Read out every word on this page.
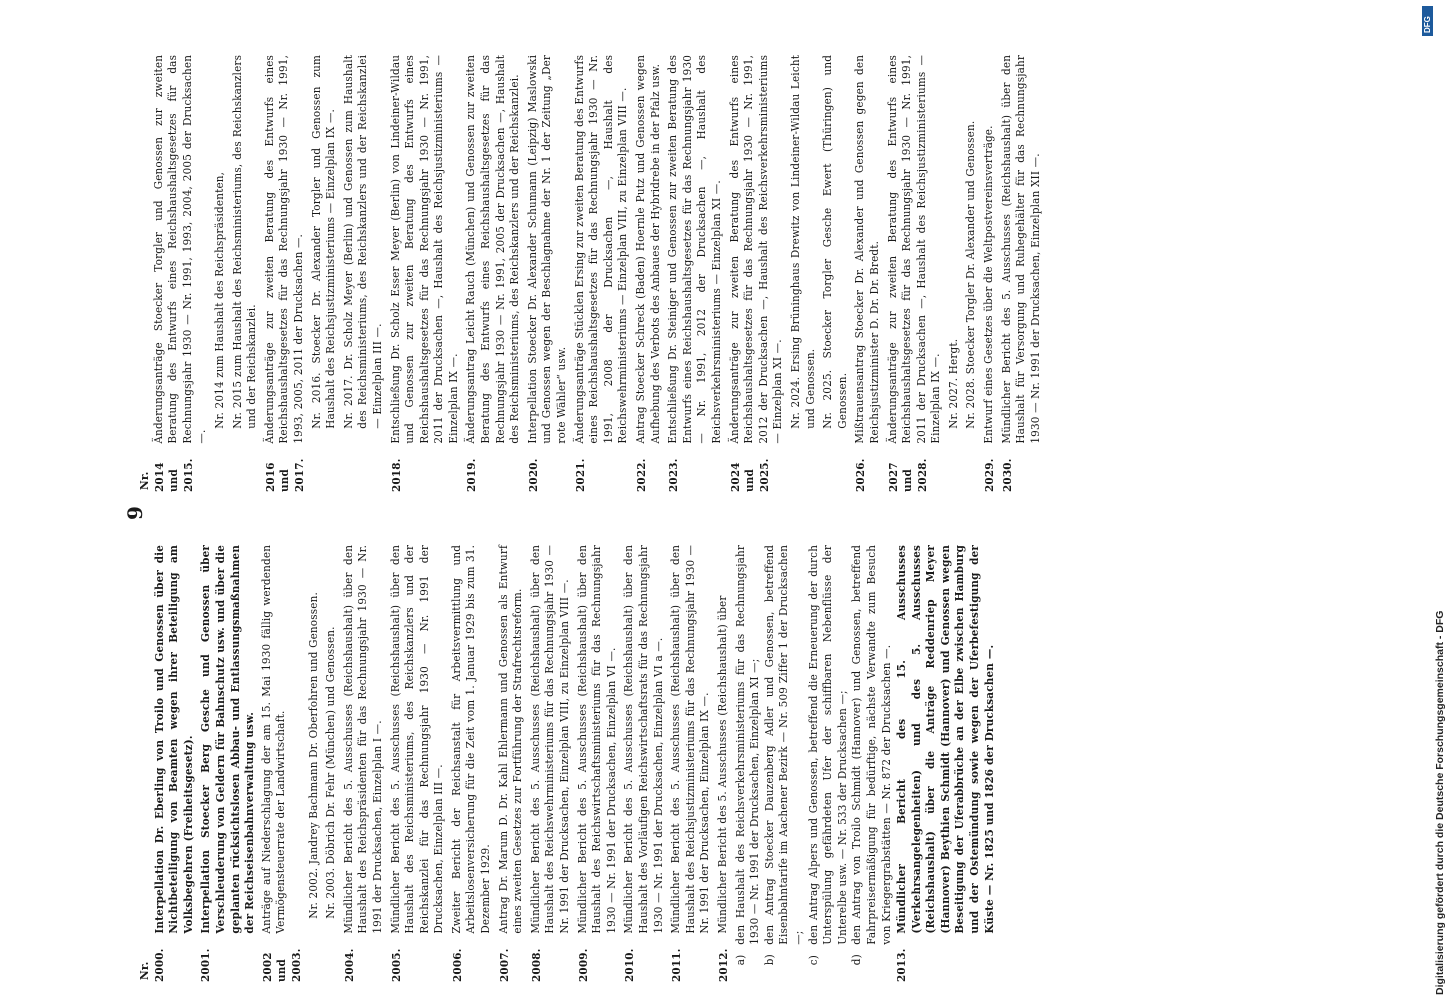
9
Nr. 2000.
Interpellation Dr. Eberling von Troilo und Genossen über die Nichtbeteiligung von Beamten wegen ihrer Beteiligung am Volksbegehren (Freiheitsgesetz).
2001.
Interpellation Stoecker Berg Gesche und Genossen über Verschleuderung von Geldern für Bahnschutz usw. und über die geplanten rücksichtslosen Abbau- und Entlassungsmaßnahmen der Reichseisenbahnverwaltung usw.
2002 und 2003.
Anträge auf Niederschlagung der am 15. Mai 1930 fällig werdenden Vermögensteuerrate der Landwirtschaft.	Nr. 2002. Jandrey Bachmann Dr. Oberfohren und Genossen. Nr. 2003. Döbrich Dr. Fehr (München) und Genossen.
2004.
Mündlicher Bericht des 5. Ausschusses (Reichshaushalt) über den Haushalt des Reichspräsidenten für das Rechnungsjahr 1930 — Nr. 1991 der Drucksachen, Einzelplan I —.
2005.
Mündlicher Bericht des 5. Ausschusses (Reichshaushalt) über den Haushalt des Reichsministeriums, des Reichskanzlers und der Reichskanzlei für das Rechnungsjahr 1930 — Nr. 1991 der Drucksachen, Einzelplan III —.
2006.
Zweiter Bericht der Reichsanstalt für Arbeitsvermittlung und Arbeitslosenversicherung für die Zeit vom 1. Januar 1929 bis zum 31. Dezember 1929.
2007.
Antrag Dr. Marum D. Dr. Kahl Ehlermann und Genossen als Entwurf eines zweiten Gesetzes zur Fortführung der Strafrechtsreform.
2008.
Mündlicher Bericht des 5. Ausschusses (Reichshaushalt) über den Haushalt des Reichswehrministeriums für das Rechnungsjahr 1930 — Nr. 1991 der Drucksachen, Einzelplan VIII, zu Einzelplan VIII —.
2009.
Mündlicher Bericht des 5. Ausschusses (Reichshaushalt) über den Haushalt des Reichswirtschaftsministeriums für das Rechnungsjahr 1930 — Nr. 1991 der Drucksachen, Einzelplan VI —.
2010.
Mündlicher Bericht des 5. Ausschusses (Reichshaushalt) über den Haushalt des Vorläufigen Reichswirtschaftsrats für das Rechnungsjahr 1930 — Nr. 1991 der Drucksachen, Einzelplan VI a —.
2011.
Mündlicher Bericht des 5. Ausschusses (Reichshaushalt) über den Haushalt des Reichsjustizministeriums für das Rechnungsjahr 1930 — Nr. 1991 der Drucksachen, Einzelplan IX —.
2012.
Mündlicher Bericht des 5. Ausschusses (Reichshaushalt) über
a)
den Haushalt des Reichsverkehrsministeriums für das Rechnungsjahr 1930 — Nr. 1991 der Drucksachen, Einzelplan XI —;
b)
den Antrag Stoecker Dauzenberg Adler und Genossen, betreffend Eisenbahntarife im Aachener Bezirk — Nr. 509 Ziffer 1 der Drucksachen —;
c)
den Antrag Alpers und Genossen, betreffend die Erneuerung der durch Unterspülung gefährdeten Ufer der schiffbaren Nebenflüsse der Unterelbe usw. — Nr. 533 der Drucksachen —;
d)
den Antrag von Troilo Schmidt (Hannover) und Genossen, betreffend Fahrpreisermäßigung für bedürftige, nächste Verwandte zum Besuch von Kriegergrabstätten — Nr. 872 der Drucksachen —.
2013.
Mündlicher Bericht des 15. Ausschusses (Verkehrsangelegenheiten) und des 5. Ausschusses (Reichshaushalt) über die Anträge Reddenriep Meyer (Hannover) Beythien Schmidt (Hannover) und Genossen wegen Beseitigung der Uferabbrüche an der Elbe zwischen Hamburg und der Ostemündung sowie wegen der Uferbefestigung der Küste — Nr. 1825 und 1826 der Drucksachen —.
Nr. 2014 und 2015.
Änderungsanträge Stoecker Torgler und Genossen zur zweiten Beratung des Entwurfs eines Reichshaushaltsgesetzes für das Rechnungsjahr 1930 — Nr. 1991, 1993, 2004, 2005 der Drucksachen —.
Nr. 2014 zum Haushalt des Reichspräsidenten, Nr. 2015 zum Haushalt des Reichsministeriums, des Reichskanzlers und der Reichskanzlei.
2016 und 2017.
Änderungsanträge zur zweiten Beratung des Entwurfs eines Reichshaushaltsgesetzes für das Rechnungsjahr 1930 — Nr. 1991, 1993, 2005, 2011 der Drucksachen —. Nr. 2016. Stoecker Dr. Alexander Torgler und Genossen zum Haushalt des Reichsjustizministeriums — Einzelplan IX —. Nr. 2017. Dr. Scholz Meyer (Berlin) und Genossen zum Haushalt des Reichsministeriums, des Reichskanzlers und der Reichskanzlei — Einzelplan III —.
2018.
Entschließung Dr. Scholz Esser Meyer (Berlin) von Lindeiner-Wildau und Genossen zur zweiten Beratung des Entwurfs eines Reichshaushaltsgesetzes für das Rechnungsjahr 1930 — Nr. 1991, 2011 der Drucksachen —, Haushalt des Reichsjustizministeriums — Einzelplan IX —.
2019.
Änderungsantrag Leicht Rauch (München) und Genossen zur zweiten Beratung des Entwurfs eines Reichshaushaltsgesetzes für das Rechnungsjahr 1930 — Nr. 1991, 2005 der Drucksachen —, Haushalt des Reichsministeriums, des Reichskanzlers und der Reichskanzlei.
2020.
Interpellation Stoecker Dr. Alexander Schumann (Leipzig) Maslowski und Genossen wegen der Beschlagnahme der Nr. 1 der Zeitung „Der rote Wähler“ usw.
2021.
Änderungsanträge Stücklen Ersing zur zweiten Beratung des Entwurfs eines Reichshaushaltsgesetzes für das Rechnungsjahr 1930 — Nr. 1991, 2008 der Drucksachen —, Haushalt des Reichswehrministeriums — Einzelplan VIII, zu Einzelplan VIII —.
2022.
Antrag Stoecker Schreck (Baden) Hoernle Putz und Genossen wegen Aufhebung des Verbots des Anbaues der Hybridrebe in der Pfalz usw.
2023.
Entschließung Dr. Steiniger und Genossen zur zweiten Beratung des Entwurfs eines Reichshaushaltsgesetzes für das Rechnungsjahr 1930 — Nr. 1991, 2012 der Drucksachen —, Haushalt des Reichsverkehrsministeriums — Einzelplan XI —.
2024 und 2025.
Änderungsanträge zur zweiten Beratung des Entwurfs eines Reichshaushaltsgesetzes für das Rechnungsjahr 1930 — Nr. 1991, 2012 der Drucksachen —, Haushalt des Reichsverkehrsministeriums — Einzelplan XI —. Nr. 2024. Ersing Brüninghaus Drewitz von Lindeiner-Wildau Leicht und Genossen. Nr. 2025. Stoecker Torgler Gesche Ewert (Thüringen) und Genossen.
2026.
Mißtrauensantrag Stoecker Dr. Alexander und Genossen gegen den Reichsjustizminister D. Dr. Dr. Bredt.
2027 und 2028.
Änderungsanträge zur zweiten Beratung des Entwurfs eines Reichshaushaltsgesetzes für das Rechnungsjahr 1930 — Nr. 1991, 2011 der Drucksachen —, Haushalt des Reichsjustizministeriums — Einzelplan IX —. Nr. 2027. Hergt. Nr. 2028. Stoecker Torgler Dr. Alexander und Genossen.
2029.
Entwurf eines Gesetzes über die Weltpostvereinsverträge.
2030.
Mündlicher Bericht des 5. Ausschusses (Reichshaushalt) über den Haushalt für Versorgung und Ruhegehälter für das Rechnungsjahr 1930 — Nr. 1991 der Drucksachen, Einzelplan XII —.
DFG
Digitalisierung gefördert durch die Deutsche Forschungsgemeinschaft - DFG
